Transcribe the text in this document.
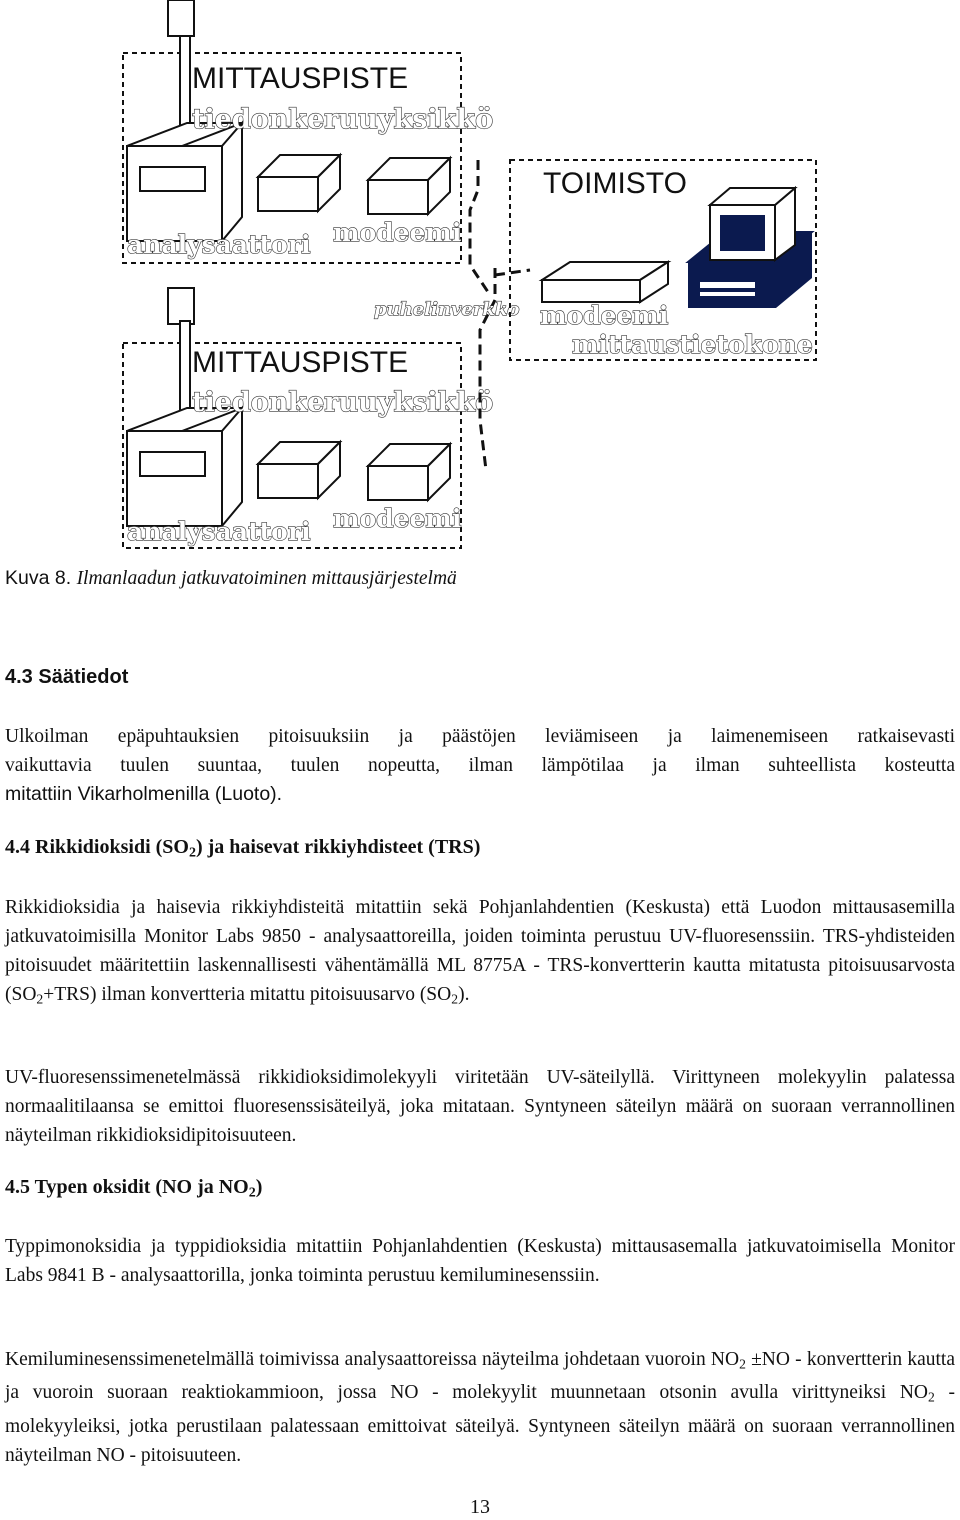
MITTAUSPISTE
tiedonkeruuyksikkö
analysaattori modeemi
MITTAUSPISTE
tiedonkeruuyksikkö
analysaattori modeemi
puhelinverkko
TOIMISTO
modeemi
mittaustietokone
Kuva 8. Ilmanlaadun jatkuvatoiminen mittausjärjestelmä
4.3 Säätiedot
Ulkoilman epäpuhtauksien pitoisuuksiin ja päästöjen leviämiseen ja laimenemiseen ratkaisevasti
vaikuttavia tuulen suuntaa, tuulen nopeutta, ilman lämpötilaa ja ilman suhteellista kosteutta
mitattiin Vikarholmenilla (Luoto).
4.4 Rikkidioksidi $(SO_2)$ ja haisevat rikkiyhdisteet (TRS)

Rikkidioksidia ja haisevia rikkiyhdisteitä mitattiin sekä Pohjanlahdentien (Keskusta) että Luodon mittausasemilla jatkuvatoimisilla Monitor Labs 9850 - analysaattoreilla, joiden toiminta perustuu UV-fluoresenssiin. TRS-yhdisteiden pitoisuudet määritettiin laskennallisesti vähentämällä ML 8775A - TRS-konvertterin kautta mitatusta pitoisuusarvosta $(SO_2+TRS)$ ilman konvertteria mitattu pitoisuusarvo $(SO_2)$.

UV-fluoresenssimenetelmässä rikkidioksidimolekyyli viritetään UV-säteilyllä. Virittyneen molekyylin palatessa normaalitilaansa se emittoi fluoresenssisäteilyä, joka mitataan. Syntyneen säteilyn määrä on suoraan verrannollinen näyteilman rikkidioksidipitoisuuteen.

4.5 Typen oksidit (NO ja $NO_2$)

Typpimonoksidia ja typpidioksidia mitattiin Pohjanlahdentien (Keskusta) mittausasemalla jatkuvatoimisella Monitor Labs 9841 B - analysaattorilla, jonka toiminta perustuu kemiluminesenssiin.

Kemiluminesenssimenetelmällä toimivissa analysaattoreissa näyteilma johdetaan vuoroin $NO_2 \pm NO$ - konvertterin kautta ja vuoroin suoraan reaktiokammioon, jossa NO - molekyylit muunnetaan otsonin avulla virittyneiksi $NO_2$ - molekyyleiksi, jotka perustilaan palatessaan emittoivat säteilyä. Syntyneen säteilyn määrä on suoraan verrannollinen näyteilman NO - pitoisuuteen.

13
